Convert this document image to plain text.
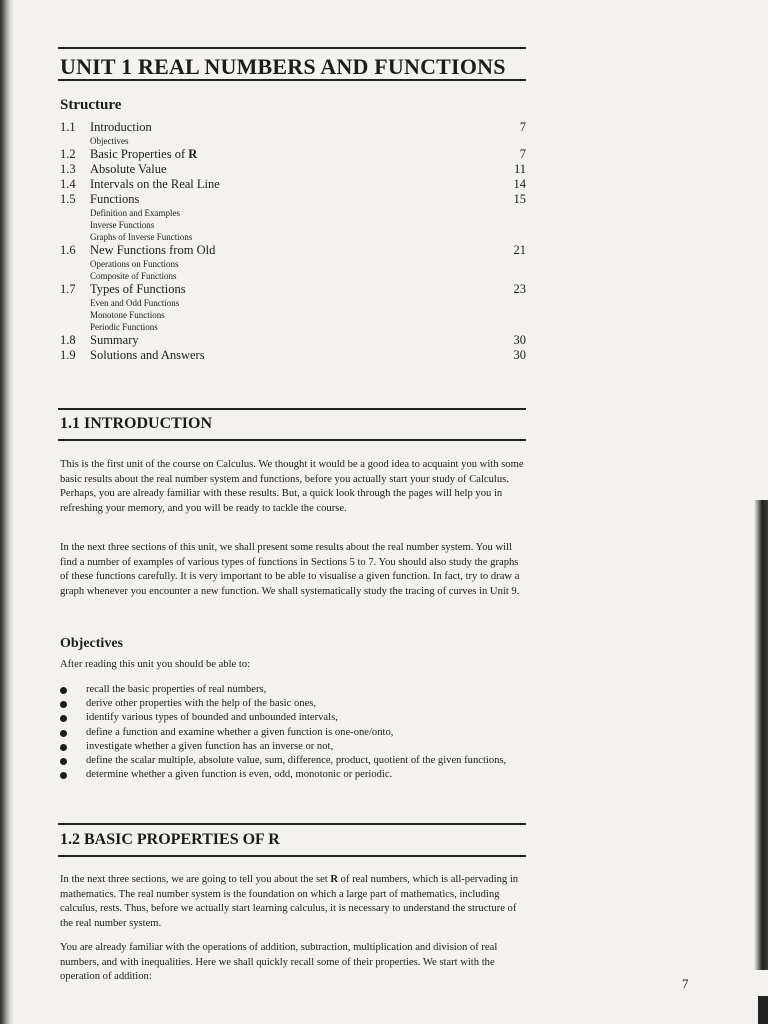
UNIT 1 REAL NUMBERS AND FUNCTIONS
Structure
1.1 Introduction	7
Objectives
1.2 Basic Properties of R	7
1.3 Absolute Value	11
1.4 Intervals on the Real Line	14
1.5 Functions	15
Definition and Examples
Inverse Functions
Graphs of Inverse Functions
1.6 New Functions from Old	21
Operations on Functions
Composite of Functions
1.7 Types of Functions	23
Even and Odd Functions
Monotone Functions
Periodic Functions
1.8 Summary	30
1.9 Solutions and Answers	30
1.1 INTRODUCTION
This is the first unit of the course on Calculus. We thought it would be a good idea to acquaint you with some basic results about the real number system and functions, before you actually start your study of Calculus. Perhaps, you are already familiar with these results. But, a quick look through the pages will help you in refreshing your memory, and you will be ready to tackle the course.
In the next three sections of this unit, we shall present some results about the real number system. You will find a number of examples of various types of functions in Sections 5 to 7. You should also study the graphs of these functions carefully. It is very important to be able to visualise a given function. In fact, try to draw a graph whenever you encounter a new function. We shall systematically study the tracing of curves in Unit 9.
Objectives
After reading this unit you should be able to:
recall the basic properties of real numbers,
derive other properties with the help of the basic ones,
identify various types of bounded and unbounded intervals,
define a function and examine whether a given function is one-one/onto,
investigate whether a given function has an inverse or not,
define the scalar multiple, absolute value, sum, difference, product, quotient of the given functions,
determine whether a given function is even, odd, monotonic or periodic.
1.2 BASIC PROPERTIES OF R
In the next three sections, we are going to tell you about the set R of real numbers, which is all-pervading in mathematics. The real number system is the foundation on which a large part of mathematics, including calculus, rests. Thus, before we actually start learning calculus, it is necessary to understand the structure of the real number system.
You are already familiar with the operations of addition, subtraction, multiplication and division of real numbers, and with inequalities. Here we shall quickly recall some of their properties. We start with the operation of addition:	7
